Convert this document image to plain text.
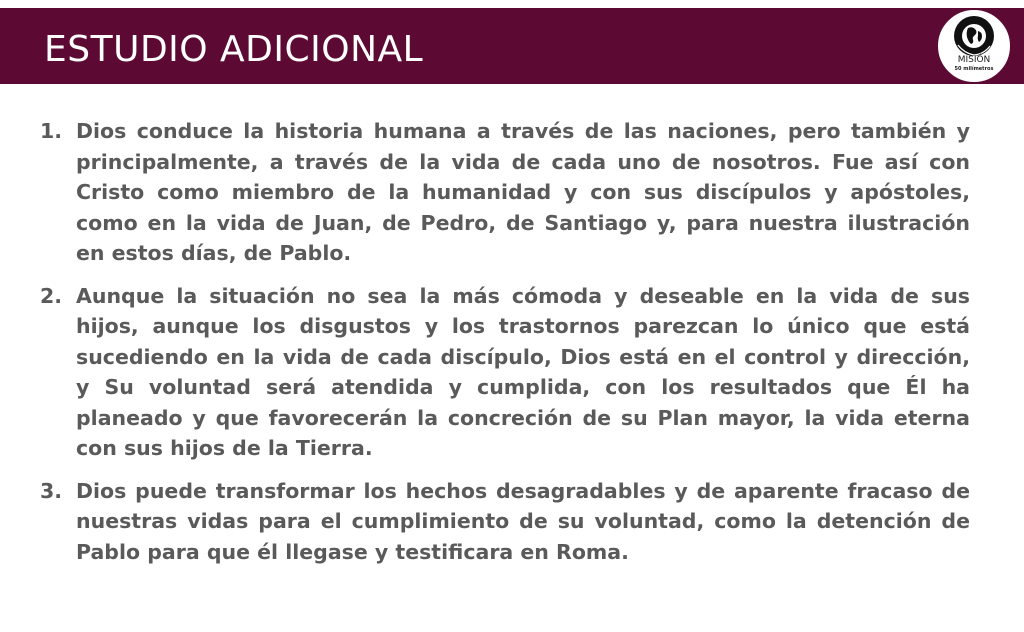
ESTUDIO ADICIONAL	MISIÓN
50 milímetros
1. Dios conduce la historia humana a través de las naciones, pero también y principalmente, a través de la vida de cada uno de nosotros. Fue así con Cristo como miembro de la humanidad y con sus discípulos y apóstoles, como en la vida de Juan, de Pedro, de Santiago y, para nuestra ilustración en estos días, de Pablo.
2. Aunque la situación no sea la más cómoda y deseable en la vida de sus hijos, aunque los disgustos y los trastornos parezcan lo único que está sucediendo en la vida de cada discípulo, Dios está en el control y dirección, y Su voluntad será atendida y cumplida, con los resultados que Él ha planeado y que favorecerán la concreción de su Plan mayor, la vida eterna con sus hijos de la Tierra.
3. Dios puede transformar los hechos desagradables y de aparente fracaso de nuestras vidas para el cumplimiento de su voluntad, como la detención de Pablo para que él llegase y testificara en Roma.
